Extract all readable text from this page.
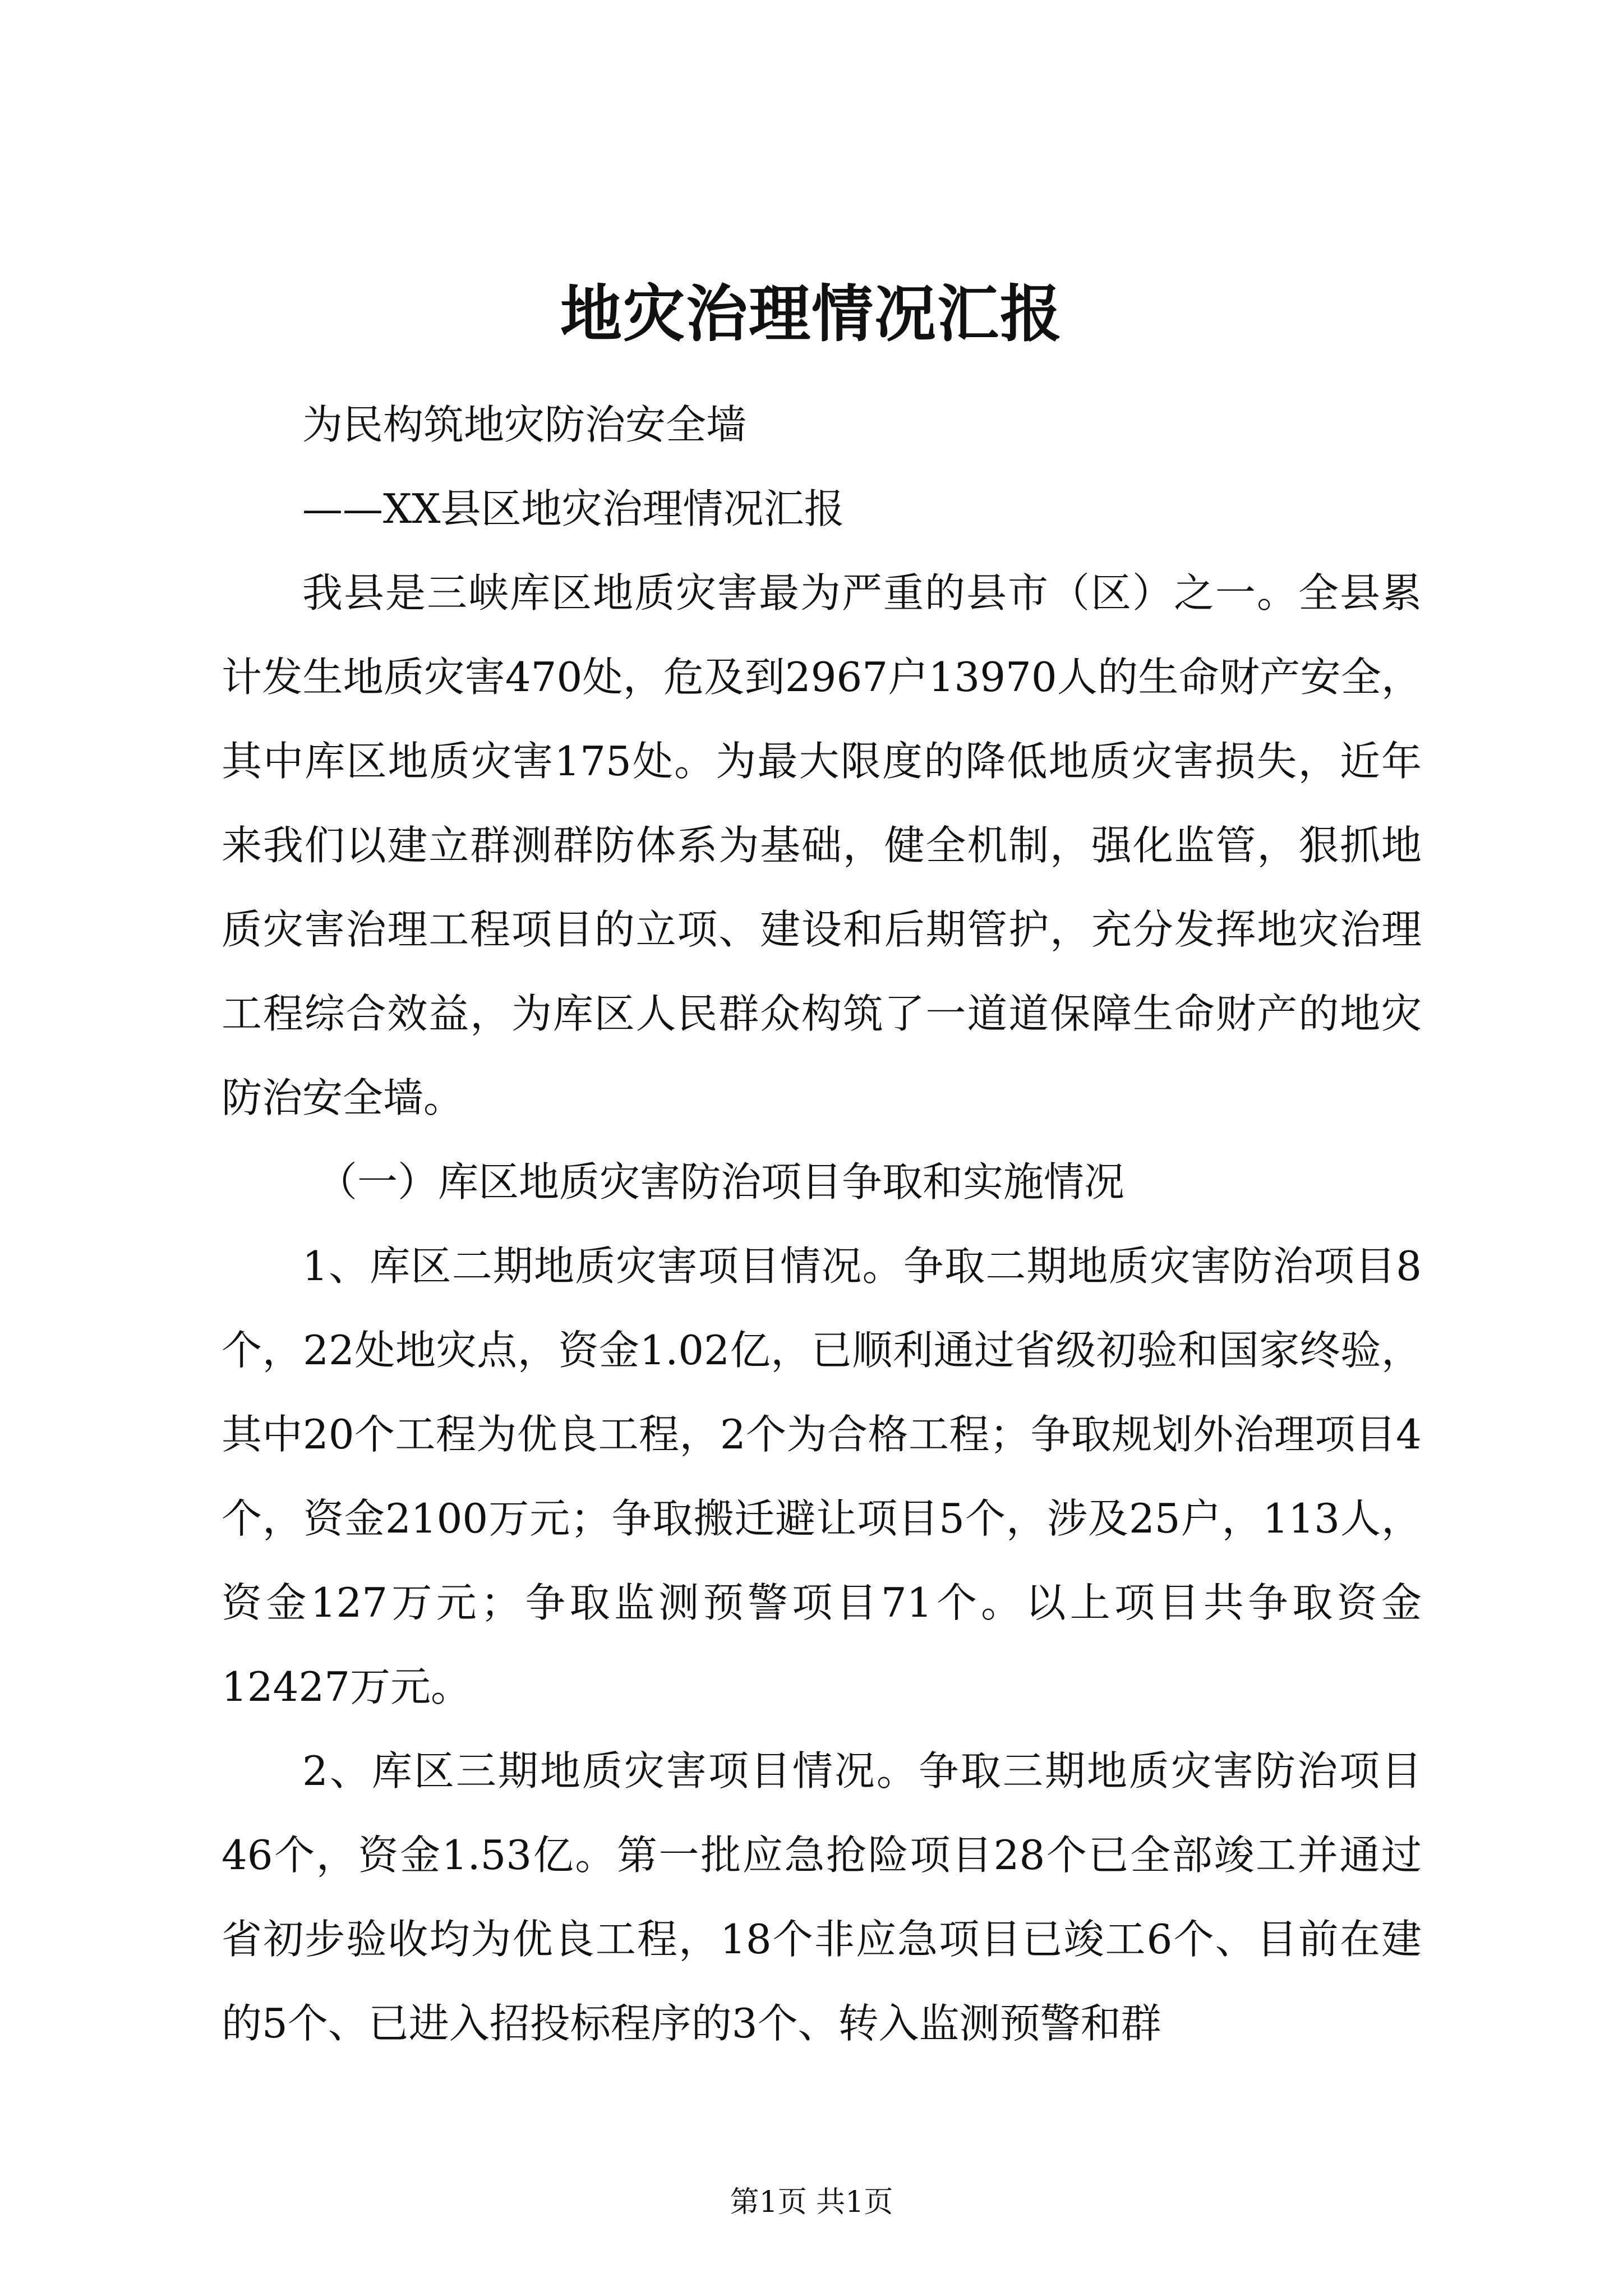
地灾治理情况汇报

为民构筑地灾防治安全墙

——XX县区地灾治理情况汇报

我县是三峡库区地质灾害最为严重的县市（区）之一。全县累计发生地质灾害470处，危及到2967户13970人的生命财产安全，其中库区地质灾害175处。为最大限度的降低地质灾害损失，近年来我们以建立群测群防体系为基础，健全机制，强化监管，狠抓地质灾害治理工程项目的立项、建设和后期管护，充分发挥地灾治理工程综合效益，为库区人民群众构筑了一道道保障生命财产的地灾防治安全墙。

（一）库区地质灾害防治项目争取和实施情况

1、库区二期地质灾害项目情况。争取二期地质灾害防治项目8个，22处地灾点，资金1.02亿，已顺利通过省级初验和国家终验，其中20个工程为优良工程，2个为合格工程；争取规划外治理项目4个，资金2100万元；争取搬迁避让项目5个，涉及25户，113人，资金127万元；争取监测预警项目71个。以上项目共争取资金12427万元。

2、库区三期地质灾害项目情况。争取三期地质灾害防治项目46个，资金1.53亿。第一批应急抢险项目28个已全部竣工并通过省初步验收均为优良工程，18个非应急项目已竣工6个、目前在建的5个、已进入招投标程序的3个、转入监测预警和群

第1页 共1页
